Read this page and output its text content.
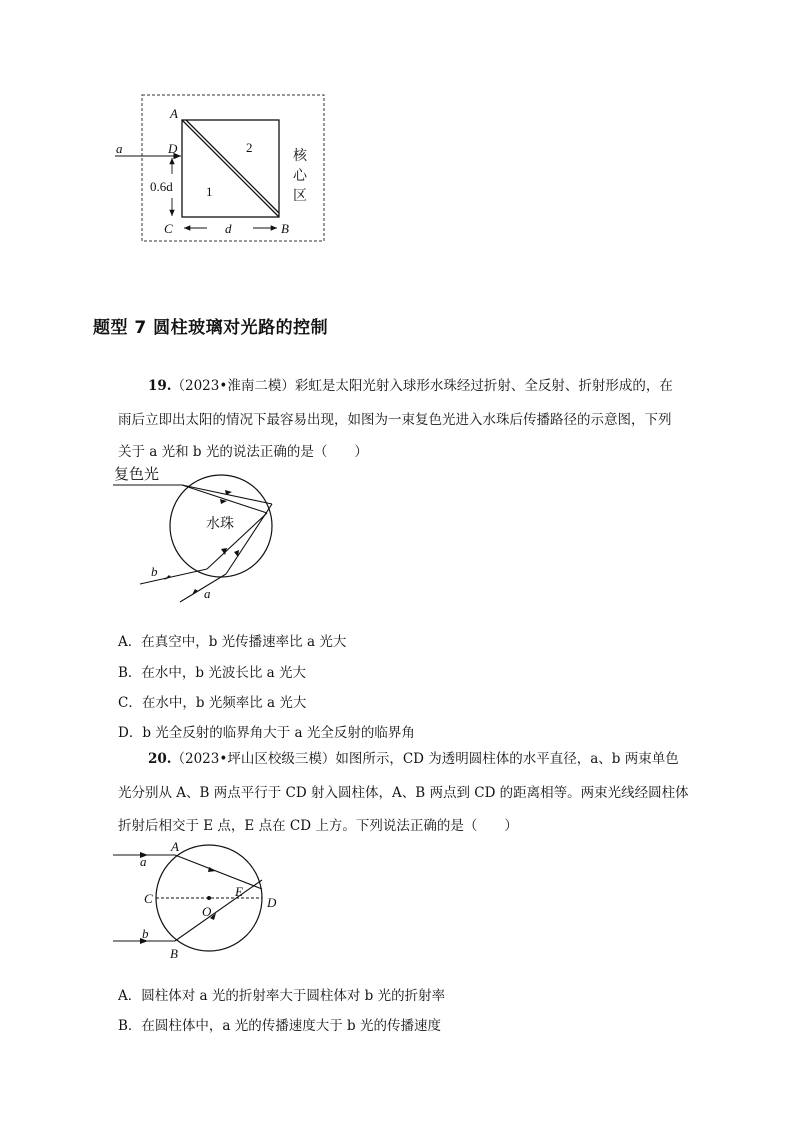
A
D
a
0.6d
C	B
d
1
2
核
心
区
题型 7 圆柱玻璃对光路的控制
19.（2023•淮南二模）彩虹是太阳光射入球形水珠经过折射、全反射、折射形成的，在
雨后立即出太阳的情况下最容易出现，如图为一束复色光进入水珠后传播路径的示意图，下列
关于 a 光和 b 光的说法正确的是（　　）
复色光
水珠
b
a
A．在真空中，b 光传播速率比 a 光大
B．在水中，b 光波长比 a 光大
C．在水中，b 光频率比 a 光大
D．b 光全反射的临界角大于 a 光全反射的临界角
20.（2023•坪山区校级三模）如图所示，CD 为透明圆柱体的水平直径，a、b 两束单色
光分别从 A、B 两点平行于 CD 射入圆柱体，A、B 两点到 CD 的距离相等。两束光线经圆柱体
折射后相交于 E 点，E 点在 CD 上方。下列说法正确的是（　　）
A
a
C
O
E
D
b
B
A．圆柱体对 a 光的折射率大于圆柱体对 b 光的折射率
B．在圆柱体中，a 光的传播速度大于 b 光的传播速度
